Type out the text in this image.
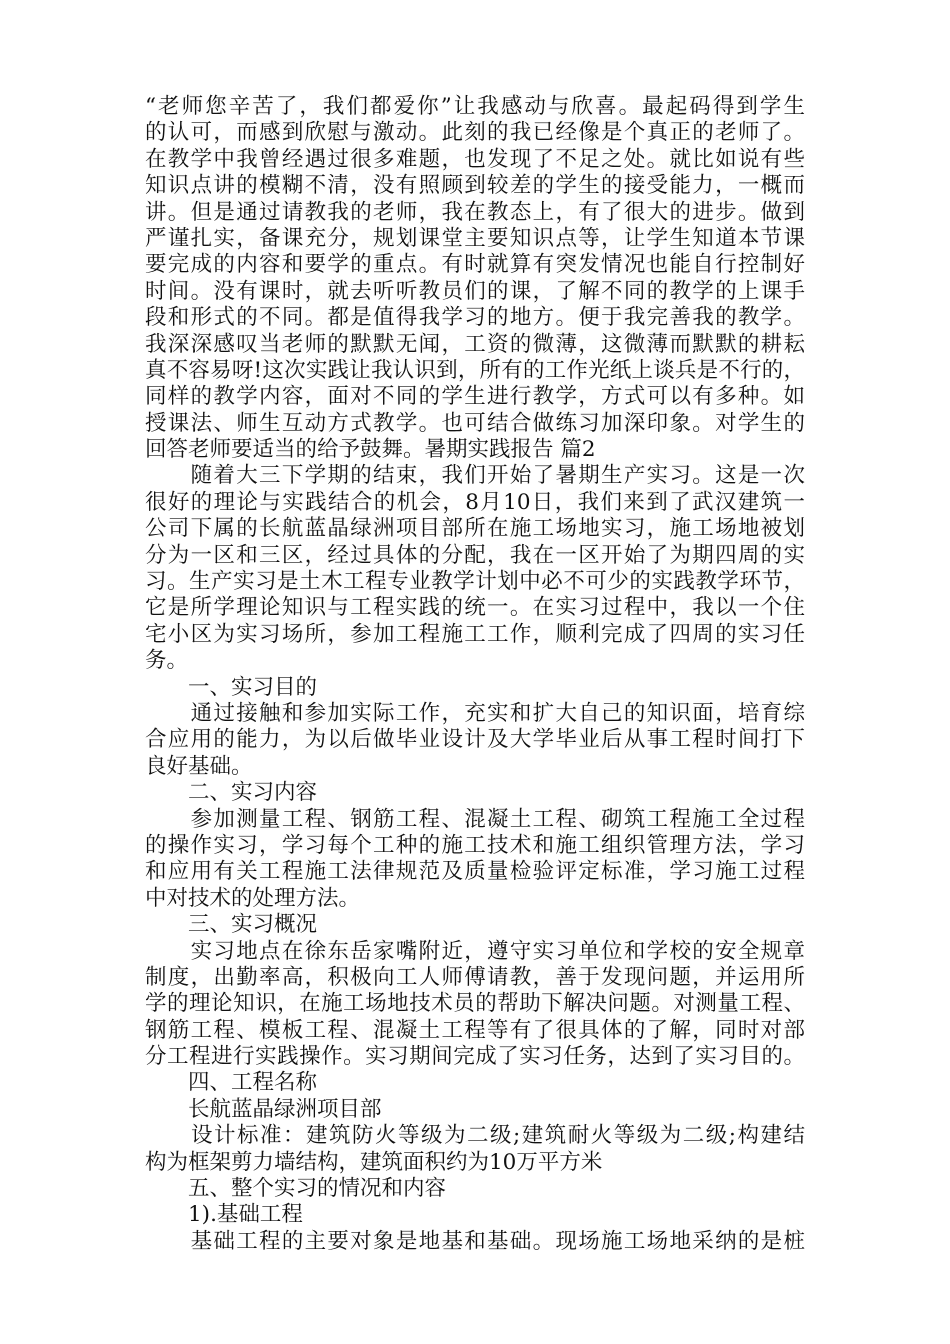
“老师您辛苦了，我们都爱你”让我感动与欣喜。最起码得到学生
的认可，而感到欣慰与激动。此刻的我已经像是个真正的老师了。
在教学中我曾经遇过很多难题，也发现了不足之处。就比如说有些
知识点讲的模糊不清，没有照顾到较差的学生的接受能力，一概而
讲。但是通过请教我的老师，我在教态上，有了很大的进步。做到
严谨扎实，备课充分，规划课堂主要知识点等，让学生知道本节课
要完成的内容和要学的重点。有时就算有突发情况也能自行控制好
时间。没有课时，就去听听教员们的课，了解不同的教学的上课手
段和形式的不同。都是值得我学习的地方。便于我完善我的教学。
我深深感叹当老师的默默无闻，工资的微薄，这微薄而默默的耕耘
真不容易呀!这次实践让我认识到，所有的工作光纸上谈兵是不行的，
同样的教学内容，面对不同的学生进行教学，方式可以有多种。如
授课法、师生互动方式教学。也可结合做练习加深印象。对学生的
回答老师要适当的给予鼓舞。暑期实践报告 篇2
　　随着大三下学期的结束，我们开始了暑期生产实习。这是一次
很好的理论与实践结合的机会，8月10日，我们来到了武汉建筑一
公司下属的长航蓝晶绿洲项目部所在施工场地实习，施工场地被划
分为一区和三区，经过具体的分配，我在一区开始了为期四周的实
习。生产实习是土木工程专业教学计划中必不可少的实践教学环节，
它是所学理论知识与工程实践的统一。在实习过程中，我以一个住
宅小区为实习场所，参加工程施工工作，顺利完成了四周的实习任
务。
　　一、实习目的
　　通过接触和参加实际工作，充实和扩大自己的知识面，培育综
合应用的能力，为以后做毕业设计及大学毕业后从事工程时间打下
良好基础。
　　二、实习内容
　　参加测量工程、钢筋工程、混凝土工程、砌筑工程施工全过程
的操作实习，学习每个工种的施工技术和施工组织管理方法，学习
和应用有关工程施工法律规范及质量检验评定标准，学习施工过程
中对技术的处理方法。
　　三、实习概况
　　实习地点在徐东岳家嘴附近，遵守实习单位和学校的安全规章
制度，出勤率高，积极向工人师傅请教，善于发现问题，并运用所
学的理论知识，在施工场地技术员的帮助下解决问题。对测量工程、
钢筋工程、模板工程、混凝土工程等有了很具体的了解，同时对部
分工程进行实践操作。实习期间完成了实习任务，达到了实习目的。
　　四、工程名称
　　长航蓝晶绿洲项目部
　　设计标准：建筑防火等级为二级;建筑耐火等级为二级;构建结
构为框架剪力墙结构，建筑面积约为10万平方米
　　五、整个实习的情况和内容
　　1).基础工程
　　基础工程的主要对象是地基和基础。现场施工场地采纳的是桩
